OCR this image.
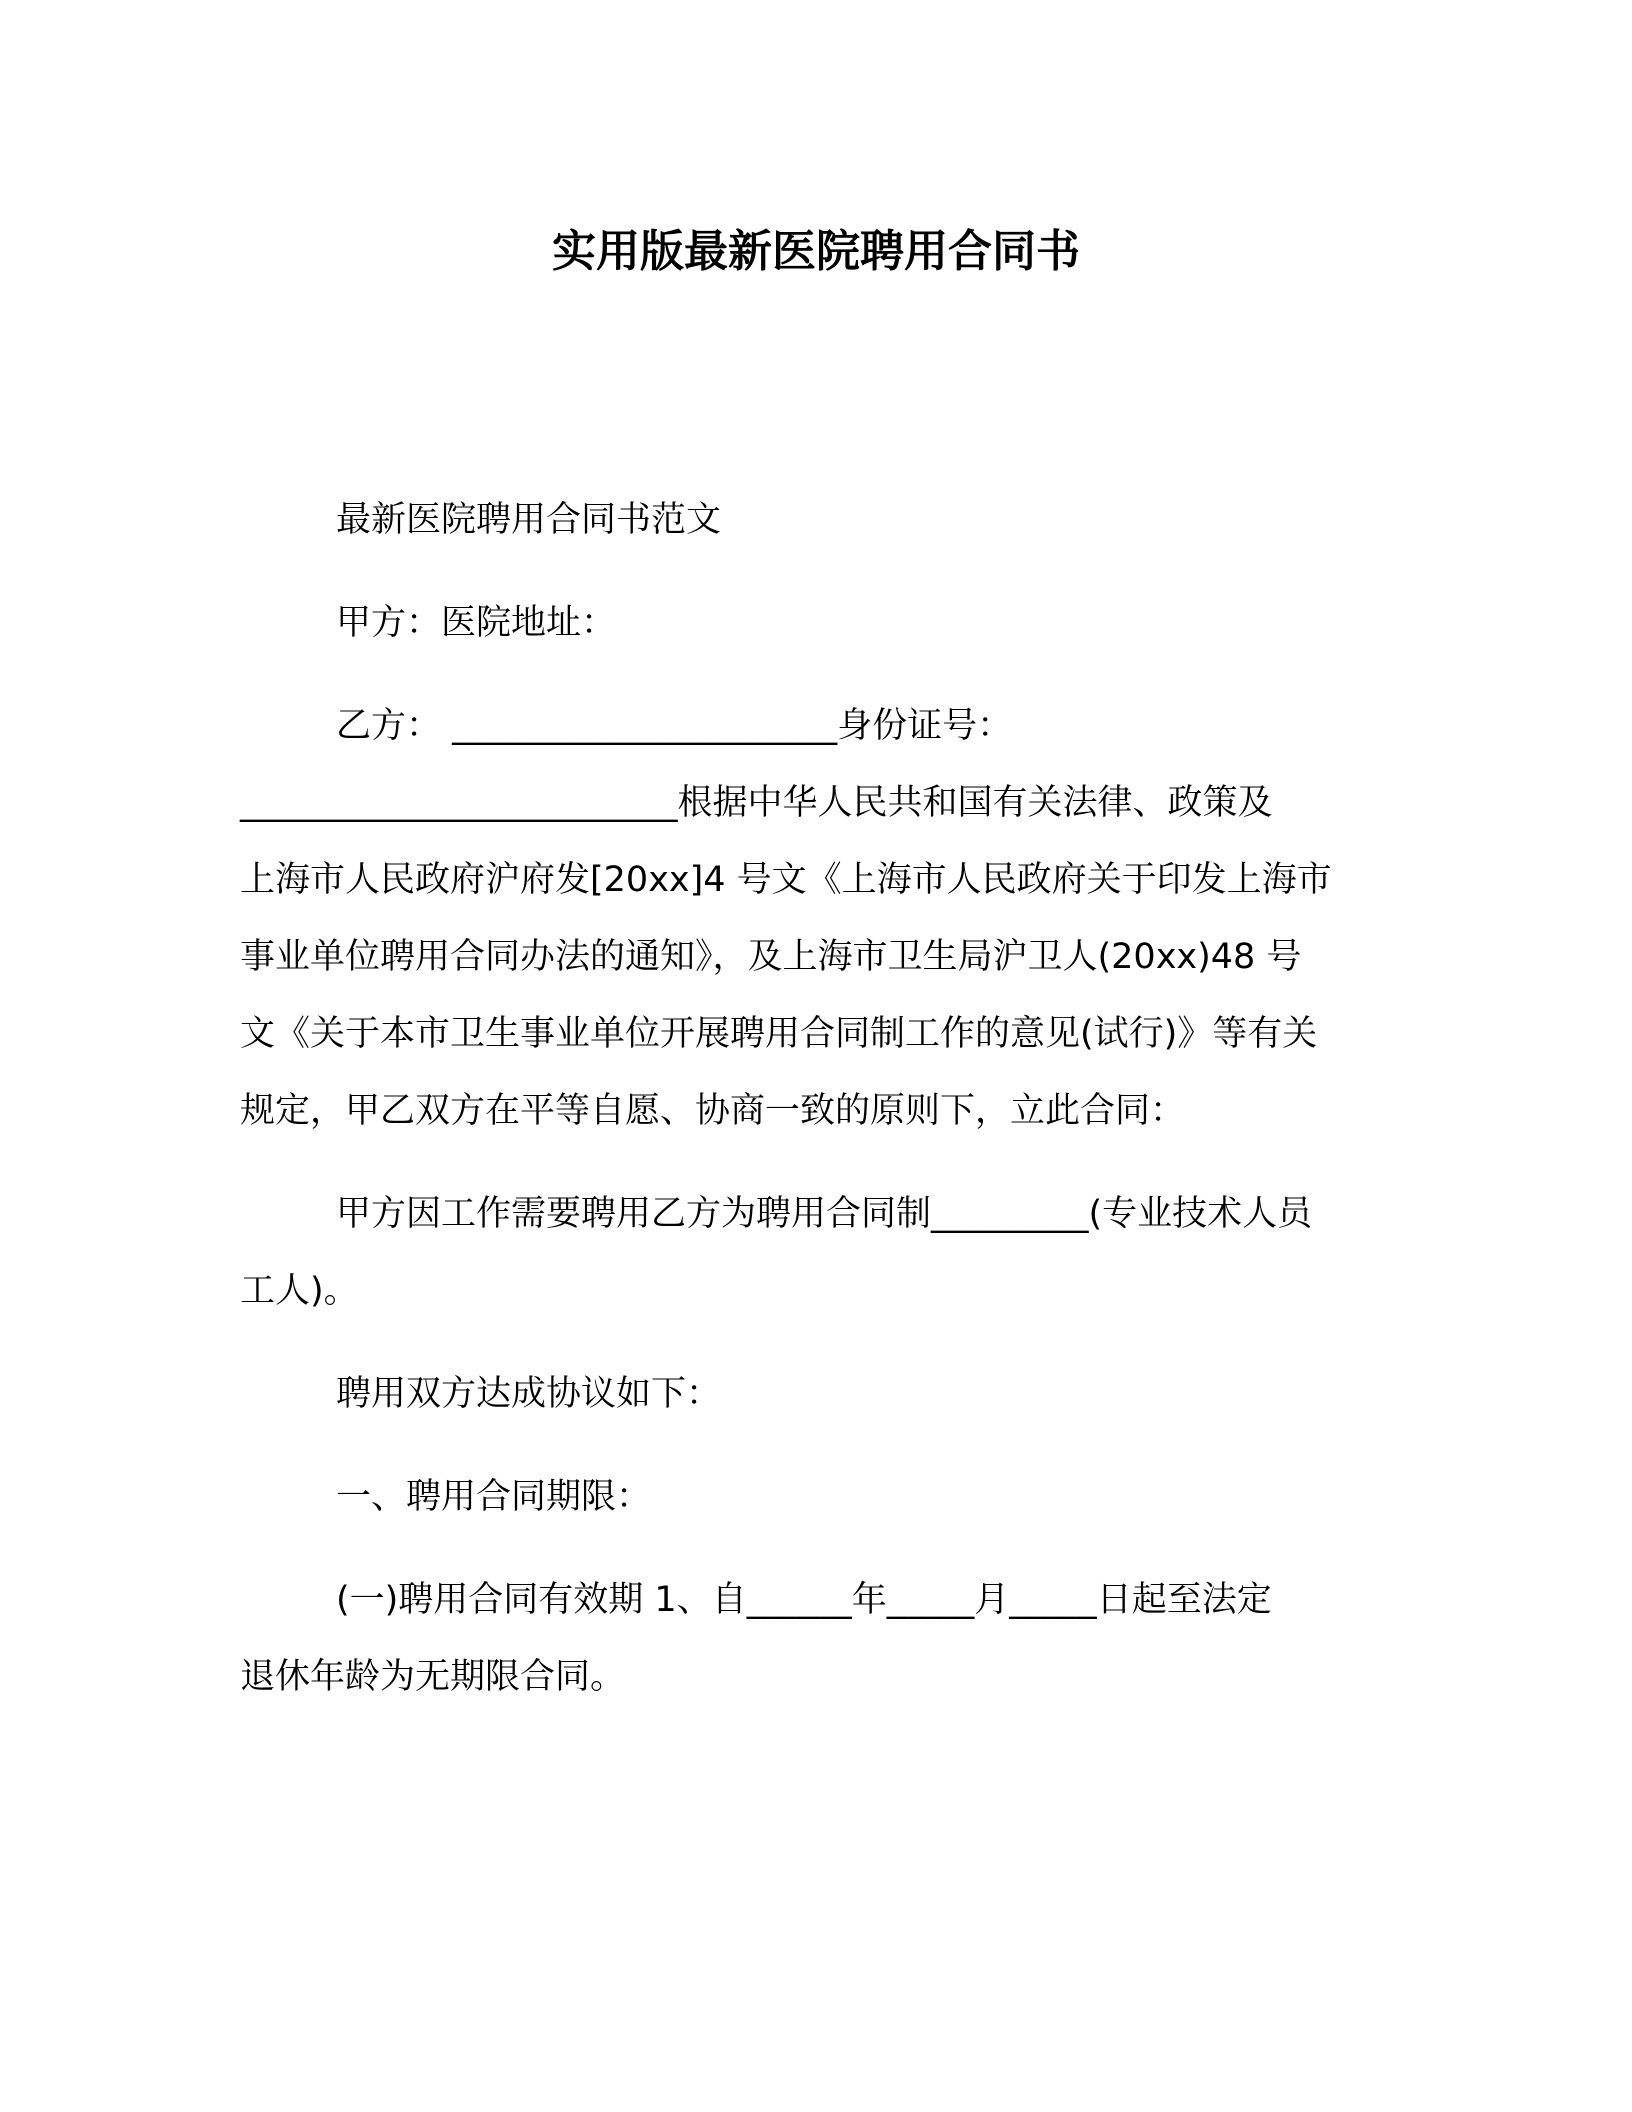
实用版最新医院聘用合同书
最新医院聘用合同书范文
甲方：医院地址：
乙方： ______________________身份证号：
_________________________根据中华人民共和国有关法律、政策及
上海市人民政府沪府发[20xx]4 号文《上海市人民政府关于印发上海市
事业单位聘用合同办法的通知》，及上海市卫生局沪卫人(20xx)48 号
文《关于本市卫生事业单位开展聘用合同制工作的意见(试行)》等有关
规定，甲乙双方在平等自愿、协商一致的原则下，立此合同：
甲方因工作需要聘用乙方为聘用合同制_________(专业技术人员
工人)。
聘用双方达成协议如下：
一、聘用合同期限：
(一)聘用合同有效期 1、自______年_____月_____日起至法定
退休年龄为无期限合同。
